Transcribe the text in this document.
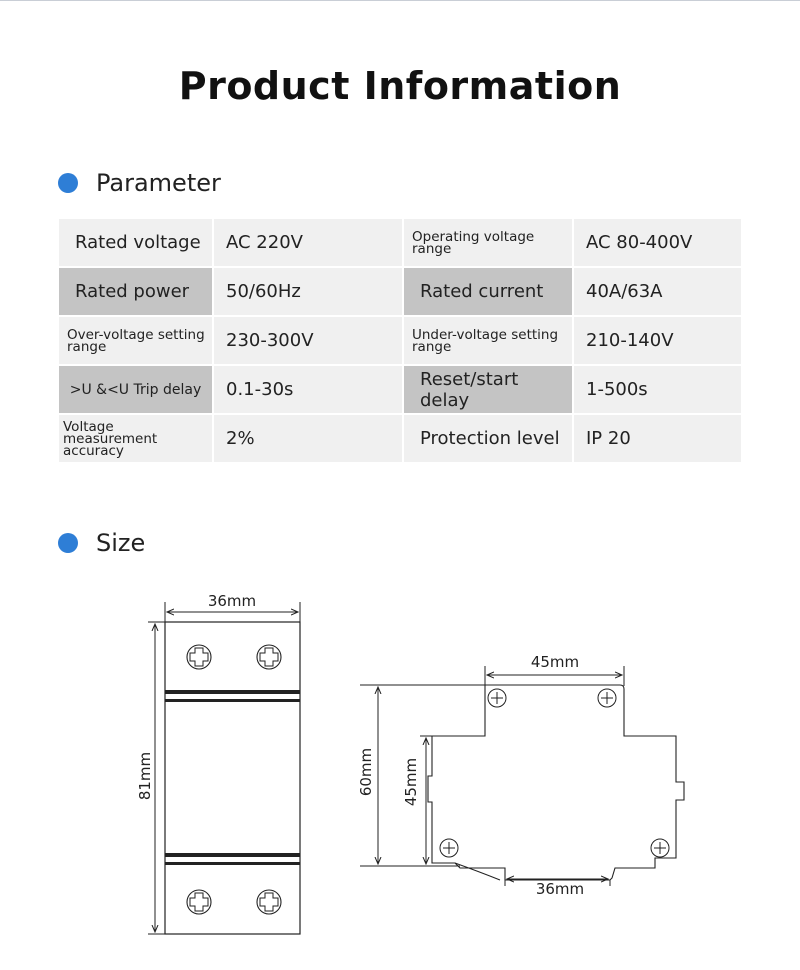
Product Information
Parameter
Rated voltage	AC 220V	Operating voltage range	AC 80-400V
Rated power	50/60Hz	Rated current	40A/63A
Over-voltage setting range	230-300V	Under-voltage setting range	210-140V
>U &<U Trip delay	0.1-30s	Reset/start delay	1-500s
Voltage measurement accuracy	2%	Protection level	IP 20
Size
36mm
81mm
45mm
60mm 45mm
36mm
